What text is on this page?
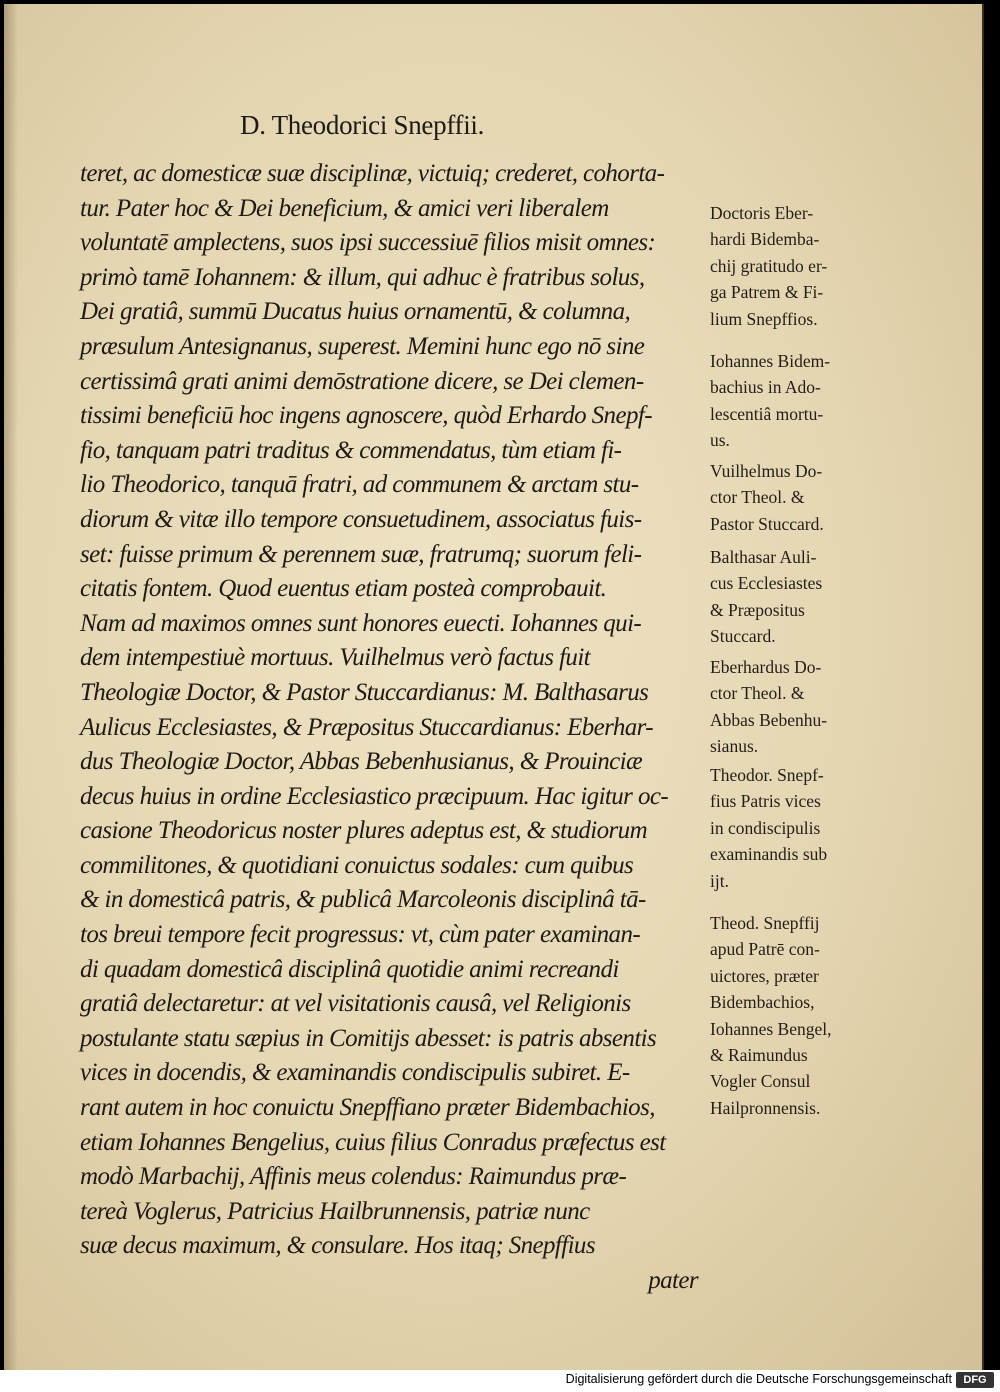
D. Theodorici Snepffii.
teret, ac domesticæ suæ disciplinæ, victuiq; crederet, cohorta-
tur. Pater hoc & Dei beneficium, & amici veri liberalem
voluntatē amplectens, suos ipsi successiuē filios misit omnes:
primò tamē Iohannem: & illum, qui adhuc è fratribus solus,
Dei gratiâ, summū Ducatus huius ornamentū, & columna,
præsulum Antesignanus, superest. Memini hunc ego nō sine
certissimâ grati animi demōstratione dicere, se Dei clemen-
tissimi beneficiū hoc ingens agnoscere, quòd Erhardo Snepf-
fio, tanquam patri traditus & commendatus, tùm etiam fi-
lio Theodorico, tanquā fratri, ad communem & arctam stu-
diorum & vitæ illo tempore consuetudinem, associatus fuis-
set: fuisse primum & perennem suæ, fratrumq; suorum feli-
citatis fontem. Quod euentus etiam posteà comprobauit.
Nam ad maximos omnes sunt honores euecti. Iohannes qui-
dem intempestiuè mortuus. Vuilhelmus verò factus fuit
Theologiæ Doctor, & Pastor Stuccardianus: M. Balthasarus
Aulicus Ecclesiastes, & Præpositus Stuccardianus: Eberhar-
dus Theologiæ Doctor, Abbas Bebenhusianus, & Prouinciæ
decus huius in ordine Ecclesiastico præcipuum. Hac igitur oc-
casione Theodoricus noster plures adeptus est, & studiorum
commilitones, & quotidiani conuictus sodales: cum quibus
& in domesticâ patris, & publicâ Marcoleonis disciplinâ tā-
tos breui tempore fecit progressus: vt, cùm pater examinan-
di quadam domesticâ disciplinâ quotidie animi recreandi
gratiâ delectaretur: at vel visitationis causâ, vel Religionis
postulante statu sæpius in Comitijs abesset: is patris absentis
vices in docendis, & examinandis condiscipulis subiret. E-
rant autem in hoc conuictu Snepffiano præter Bidembachios,
etiam Iohannes Bengelius, cuius filius Conradus præfectus est
modò Marbachij, Affinis meus colendus: Raimundus præ-
tereà Voglerus, Patricius Hailbrunnensis, patriæ nunc
suæ decus maximum, & consulare. Hos itaq; Snepffius
pater
Doctoris Eber-
hardi Bidemba-
chij gratitudo er-
ga Patrem & Fi-
lium Snepffios.
Iohannes Bidem-
bachius in Ado-
lescentiâ mortu-
us.
Vuilhelmus Do-
ctor Theol. &
Pastor Stuccard.
Balthasar Auli-
cus Ecclesiastes
& Præpositus
Stuccard.
Eberhardus Do-
ctor Theol. &
Abbas Bebenhu-
sianus.
Theodor. Snepf-
fius Patris vices
in condiscipulis
examinandis sub
ijt.
Theod. Snepffij
apud Patrē con-
uictores, præter
Bidembachios,
Iohannes Bengel,
& Raimundus
Vogler Consul
Hailpronnensis.
Digitalisierung gefördert durch die Deutsche Forschungsgemeinschaft	DFG
